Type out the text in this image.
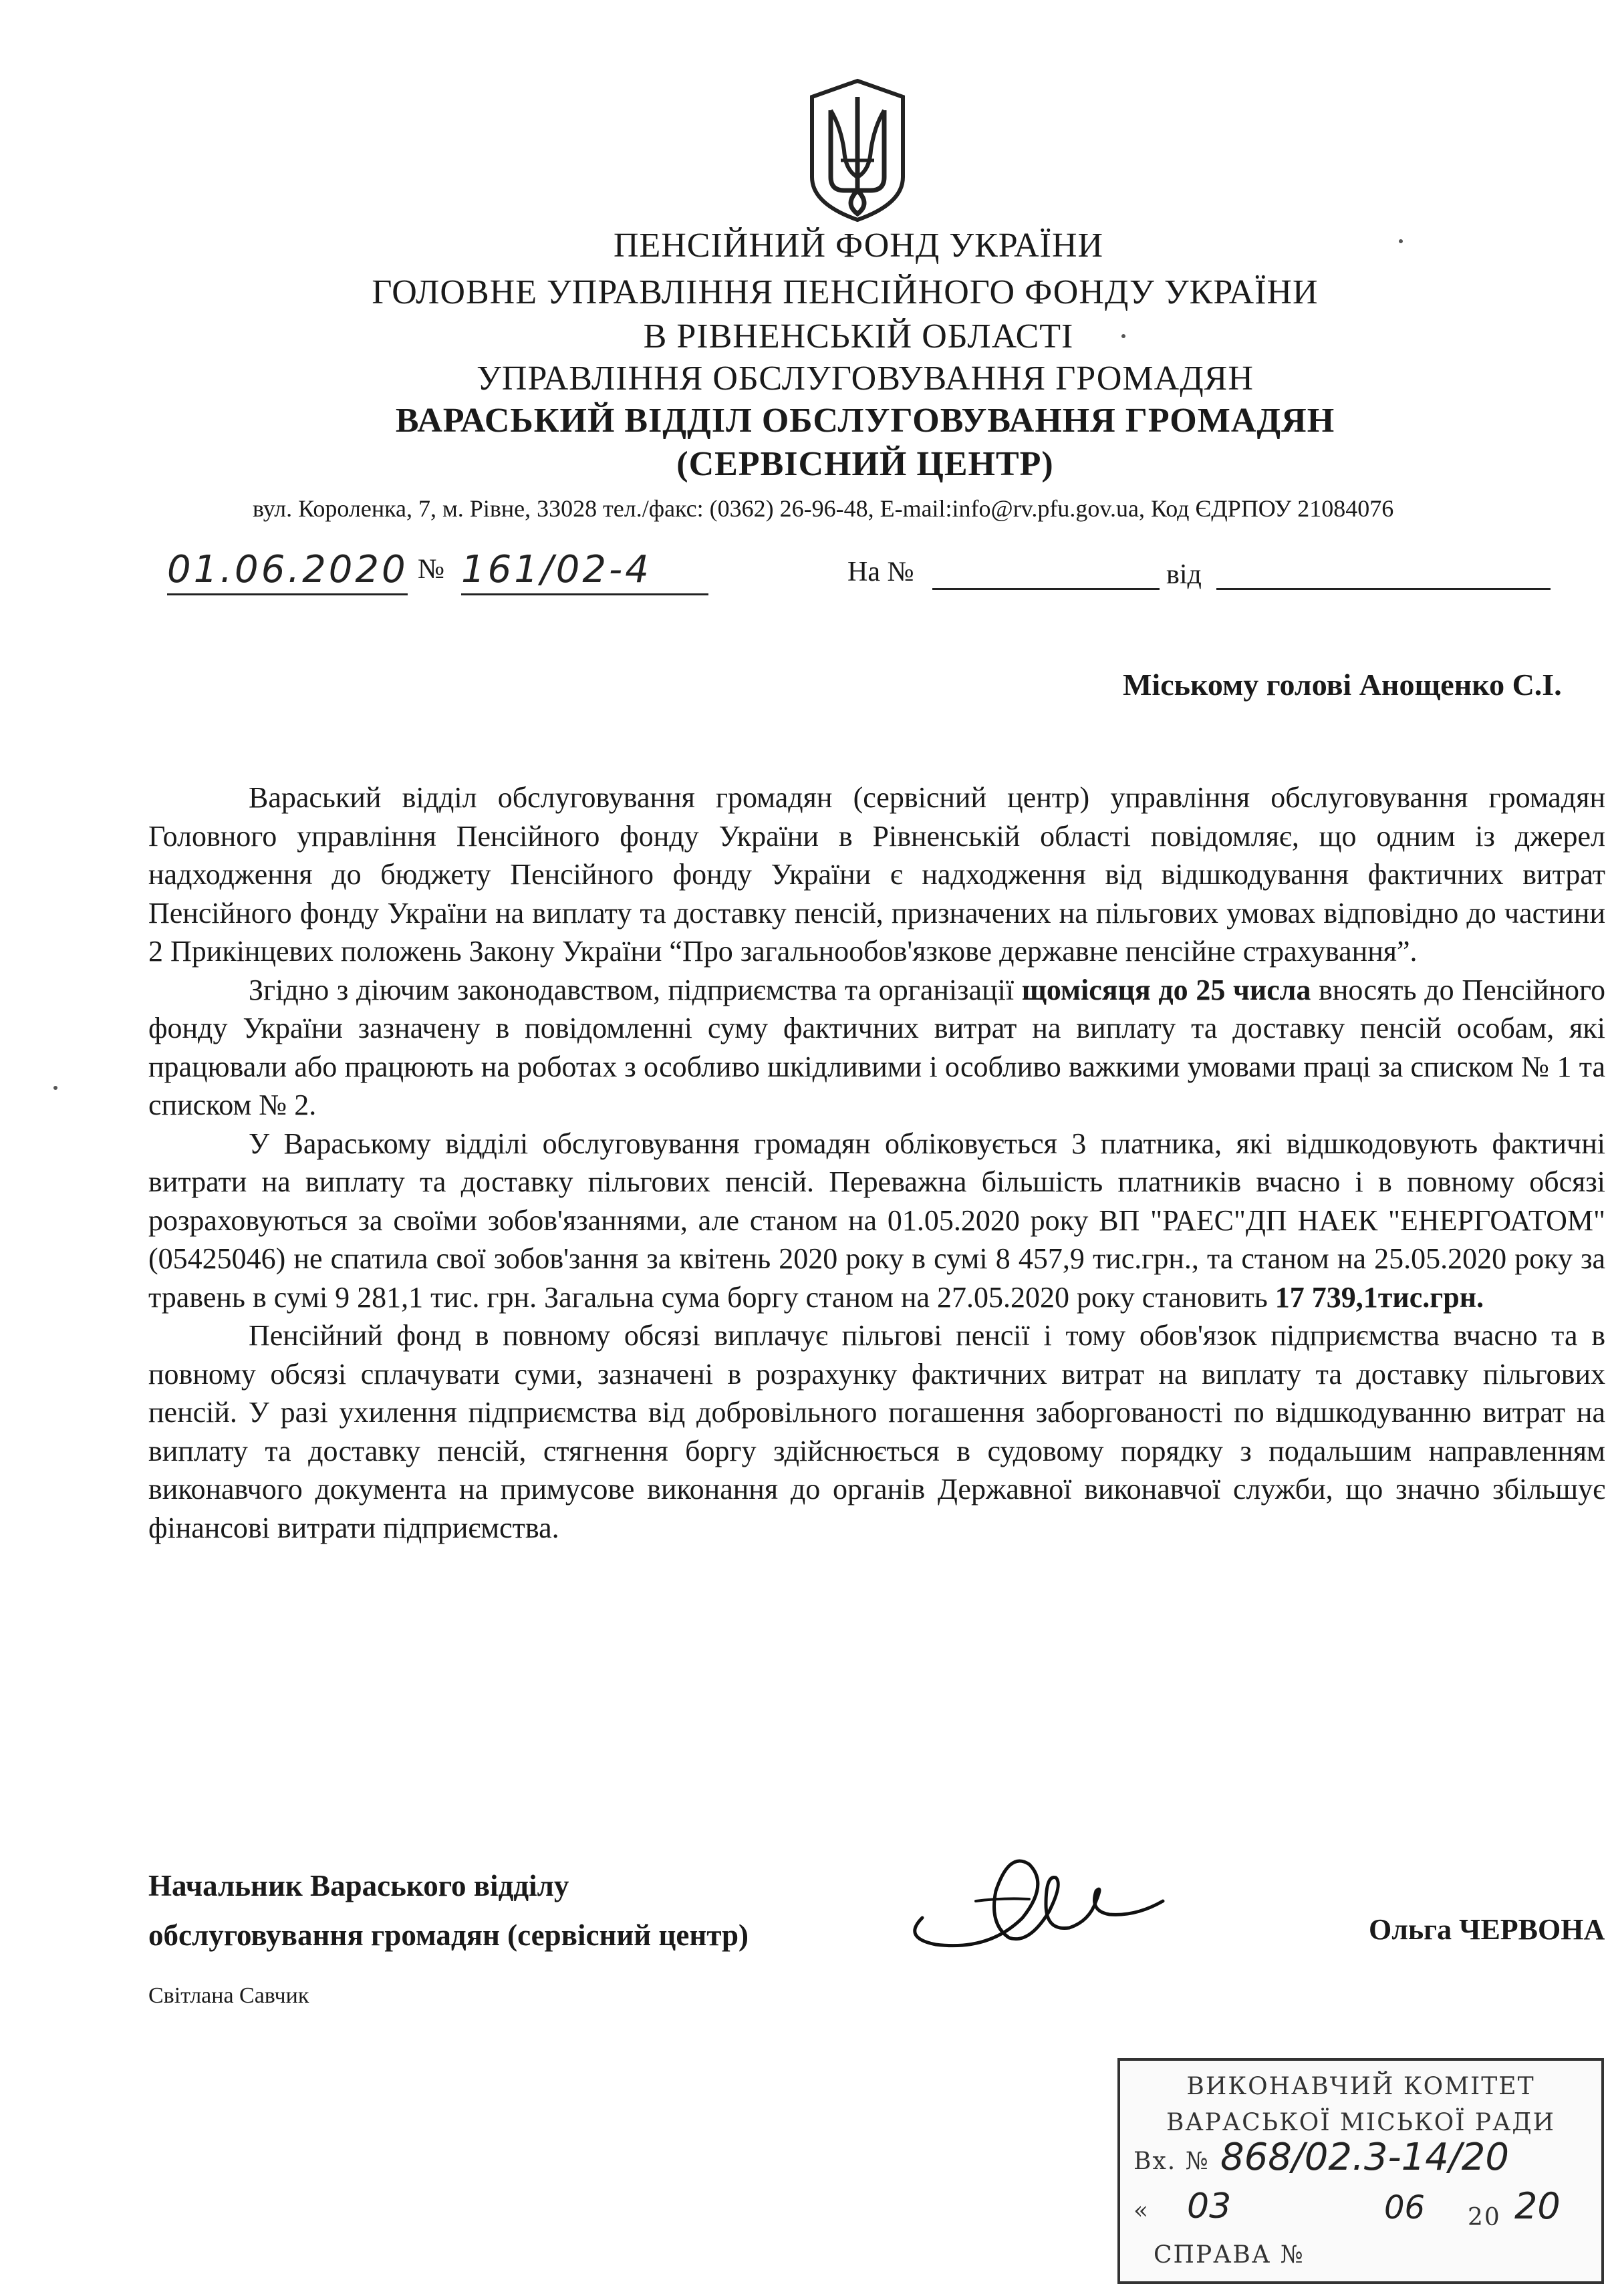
ПЕНСІЙНИЙ ФОНД УКРАЇНИ
ГОЛОВНЕ УПРАВЛІННЯ ПЕНСІЙНОГО ФОНДУ УКРАЇНИ
В РІВНЕНСЬКІЙ ОБЛАСТІ
УПРАВЛІННЯ ОБСЛУГОВУВАННЯ ГРОМАДЯН
ВАРАСЬКИЙ ВІДДІЛ ОБСЛУГОВУВАННЯ ГРОМАДЯН
(СЕРВІСНИЙ ЦЕНТР)
вул. Короленка, 7, м. Рівне, 33028 тел./факс: (0362) 26-96-48, E-mail:info@rv.pfu.gov.ua, Код ЄДРПОУ 21084076
01.06.2020 № 161/02-4	На №	від
Міському голові Анощенко С.І.

Вараський відділ обслуговування громадян (сервісний центр) управління обслуговування громадян Головного управління Пенсійного фонду України в Рівненській області повідомляє, що одним із джерел надходження до бюджету Пенсійного фонду України є надходження від відшкодування фактичних витрат Пенсійного фонду України на виплату та доставку пенсій, призначених на пільгових умовах відповідно до частини 2 Прикінцевих положень Закону України “Про загальнообов'язкове державне пенсійне страхування”.

Згідно з діючим законодавством, підприємства та організації щомісяця до 25 числа вносять до Пенсійного фонду України зазначену в повідомленні суму фактичних витрат на виплату та доставку пенсій особам, які працювали або працюють на роботах з особливо шкідливими і особливо важкими умовами праці за списком № 1 та списком № 2.

У Вараському відділі обслуговування громадян обліковується 3 платника, які відшкодовують фактичні витрати на виплату та доставку пільгових пенсій. Переважна більшість платників вчасно і в повному обсязі розраховуються за своїми зобов'язаннями, але станом на 01.05.2020 року ВП "РАЕС"ДП НАЕК "ЕНЕРГОАТОМ" (05425046) не спатила свої зобов'зання за квітень 2020 року в сумі 8 457,9 тис.грн., та станом на 25.05.2020 року за травень в сумі 9 281,1 тис. грн. Загальна сума боргу станом на 27.05.2020 року становить 17 739,1тис.грн.

Пенсійний фонд в повному обсязі виплачує пільгові пенсії і тому обов'язок підприємства вчасно та в повному обсязі сплачувати суми, зазначені в розрахунку фактичних витрат на виплату та доставку пільгових пенсій. У разі ухилення підприємства від добровільного погашення заборгованості по відшкодуванню витрат на виплату та доставку пенсій, стягнення боргу здійснюється в судовому порядку з подальшим направленням виконавчого документа на примусове виконання до органів Державної виконавчої служби, що значно збільшує фінансові витрати підприємства.

Начальник Вараського відділу
обслуговування громадян (сервісний центр)	Ольга ЧЕРВОНА
Світлана Савчик
ВИКОНАВЧИЙ КОМІТЕТ
ВАРАСЬКОЇ МІСЬКОЇ РАДИ
Вх. № 868/02.3-14/20
«	03	06 20 20
СПРАВА №
